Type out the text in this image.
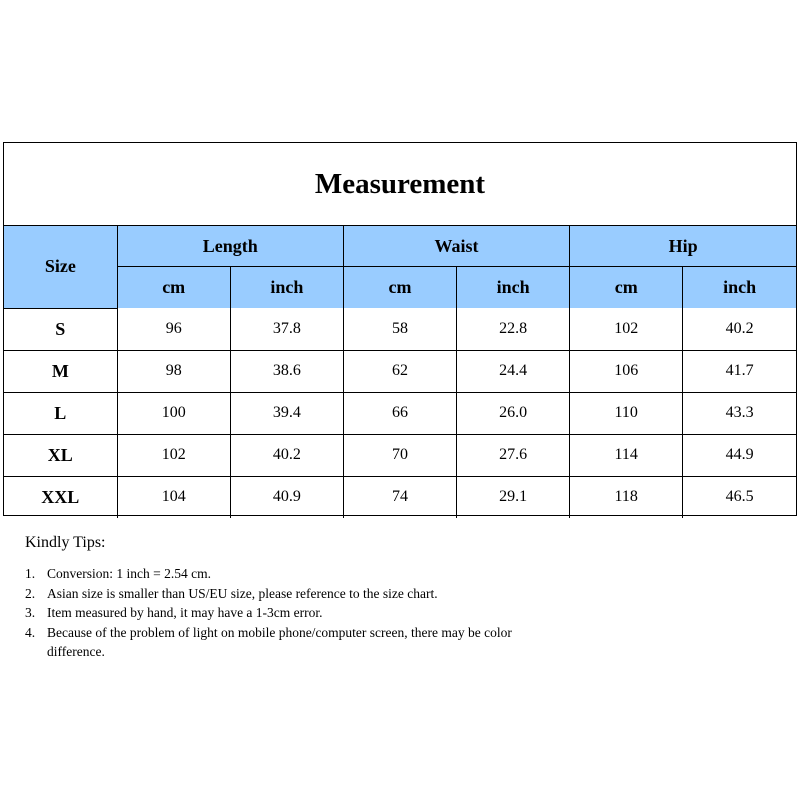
Measurement
Size	Length		Waist		Hip	
	cm	inch	cm	inch	cm	inch
S	96	37.8	58	22.8	102	40.2
M	98	38.6	62	24.4	106	41.7
L	100	39.4	66	26.0	110	43.3
XL	102	40.2	70	27.6	114	44.9
XXL	104	40.9	74	29.1	118	46.5
Kindly Tips:
1. Conversion: 1 inch = 2.54 cm.
2. Asian size is smaller than US/EU size, please reference to the size chart.
3. Item measured by hand, it may have a 1-3cm error.
4. Because of the problem of light on mobile phone/computer screen, there may be color difference.
